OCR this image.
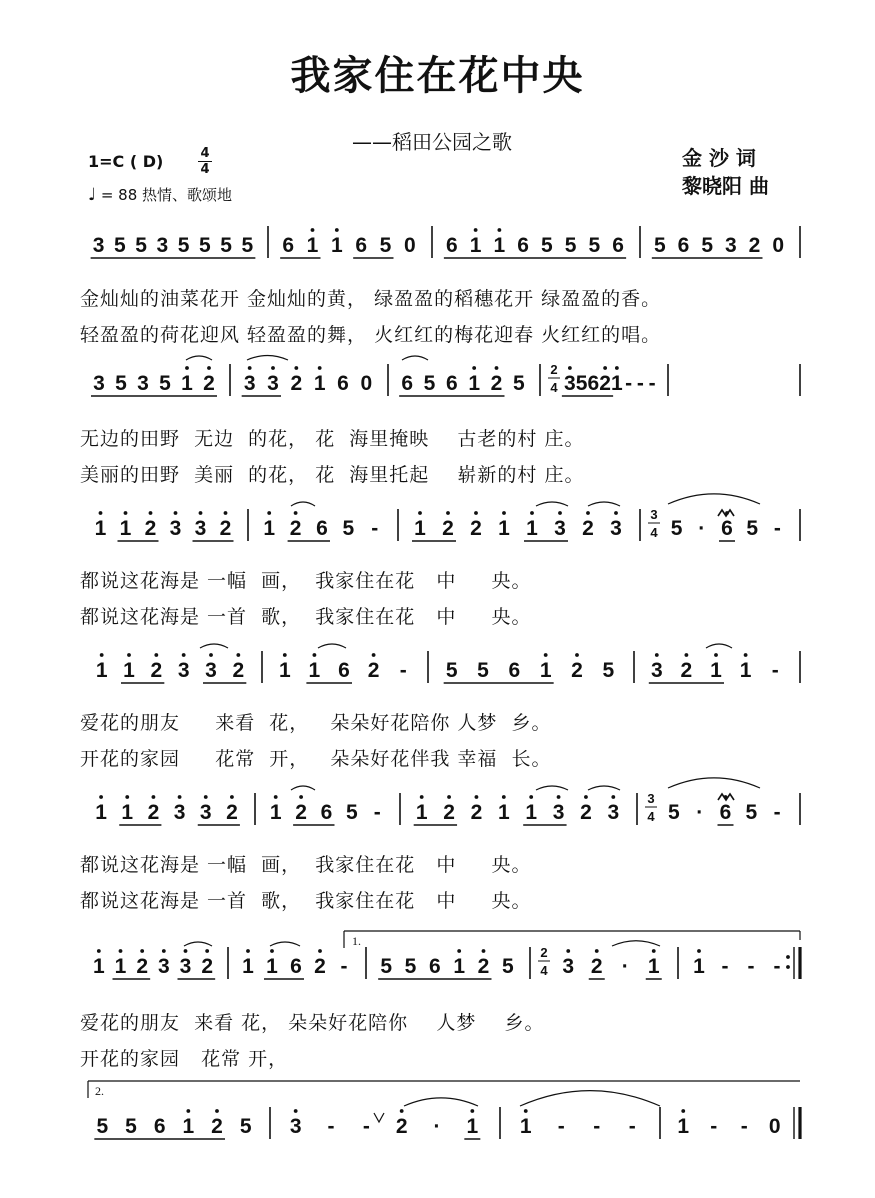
我家住在花中央
——稻田公园之歌
金 沙 词
黎晓阳 曲
1=C ( D)	$\frac{4}{4}$
♩ = 88 热情、歌颂地
3 5 5 3 5 5 5 5 6 1 1 6 5 0 6 1 1 6 5 5 5 6 5 6 5 3 2 0
3 5 3 5 1 2 3 3 2 1 6 0 6 5 6 1 2 5
2
4 3 5 6 2 1 - - -
1 1 2 3 3 2 1 2 6 5 - 1 2 2 1 1 3 2 3
3
4 5 · 6 5 -
1 1 2 3 3 2 1 1 6 2 - 5 5 6 1 2 5 3 2 1 1 -
1 1 2 3 3 2 1 2 6 5 - 1 2 2 1 1 3 2 3
3
4 5 · 6 5 -
1 1 2 3 3 2 1 1 6 2 - 5 5 6 1 2 5
2
4 3 2 · 1 1 - - -
5 5 6 1 2 5 3 - - 2 · 1 1 - - - 1 - - 0
1.
2.
金灿灿的油菜花开 金灿灿的黄， 绿盈盈的稻穗花开 绿盈盈的香。
轻盈盈的荷花迎风 轻盈盈的舞， 火红红的梅花迎春 火红红的唱。
无边的田野  无边  的花， 花  海里掩映    古老的村 庄。
美丽的田野  美丽  的花， 花  海里托起    崭新的村 庄。
都说这花海是 一幅  画，  我家住在花   中     央。
都说这花海是 一首  歌，  我家住在花   中     央。
爱花的朋友     来看  花，   朵朵好花陪你 人梦  乡。
开花的家园     花常  开，   朵朵好花伴我 幸福  长。
都说这花海是 一幅  画，  我家住在花   中     央。
都说这花海是 一首  歌，  我家住在花   中     央。
爱花的朋友  来看 花， 朵朵好花陪你    人梦    乡。
开花的家园   花常 开，
